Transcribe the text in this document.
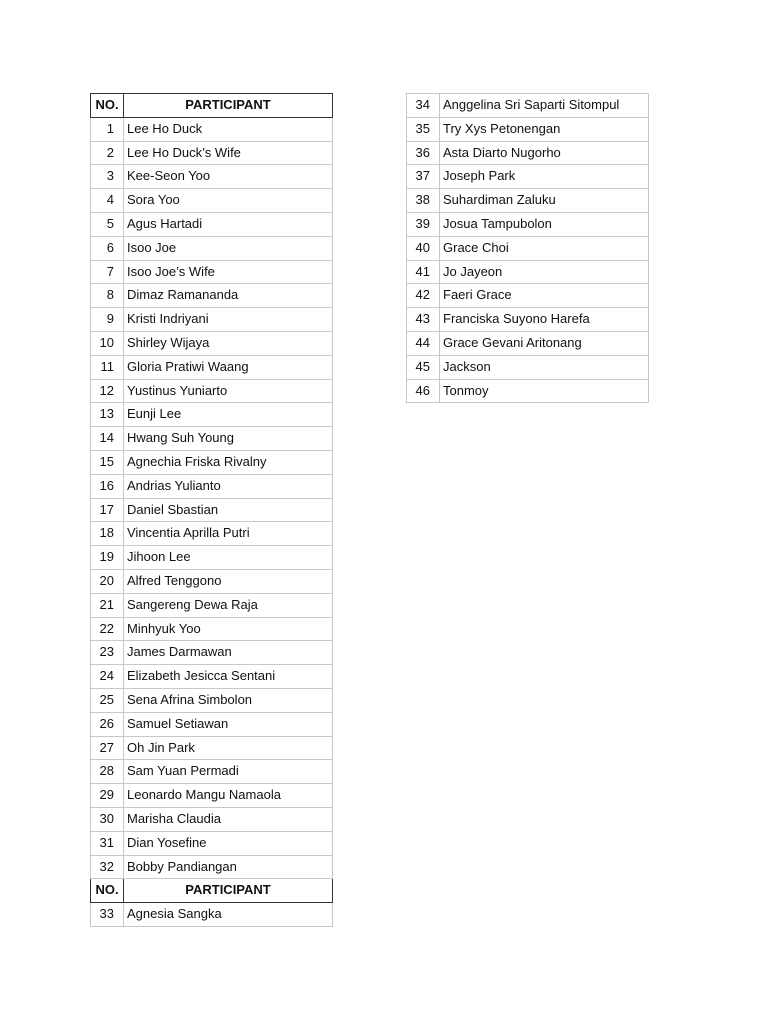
NO.	PARTICIPANT
1	Lee Ho Duck
2	Lee Ho Duck’s Wife
3	Kee-Seon Yoo
4	Sora Yoo
5	Agus Hartadi
6	Isoo Joe
7	Isoo Joe’s Wife
8	Dimaz Ramananda
9	Kristi Indriyani
10	Shirley Wijaya
11	Gloria Pratiwi Waang
12	Yustinus Yuniarto
13	Eunji Lee
14	Hwang Suh Young
15	Agnechia Friska Rivalny
16	Andrias Yulianto
17	Daniel Sbastian
18	Vincentia Aprilla Putri
19	Jihoon Lee
20	Alfred Tenggono
21	Sangereng Dewa Raja
22	Minhyuk Yoo
23	James Darmawan
24	Elizabeth Jesicca Sentani
25	Sena Afrina Simbolon
26	Samuel Setiawan
27	Oh Jin Park
28	Sam Yuan Permadi
29	Leonardo Mangu Namaola
30	Marisha Claudia
31	Dian Yosefine
32	Bobby Pandiangan
NO.	PARTICIPANT
33	Agnesia Sangka
34	Anggelina Sri Saparti Sitompul
35	Try Xys Petonengan
36	Asta Diarto Nugorho
37	Joseph Park
38	Suhardiman Zaluku
39	Josua Tampubolon
40	Grace Choi
41	Jo Jayeon
42	Faeri Grace
43	Franciska Suyono Harefa
44	Grace Gevani Aritonang
45	Jackson
46	Tonmoy
